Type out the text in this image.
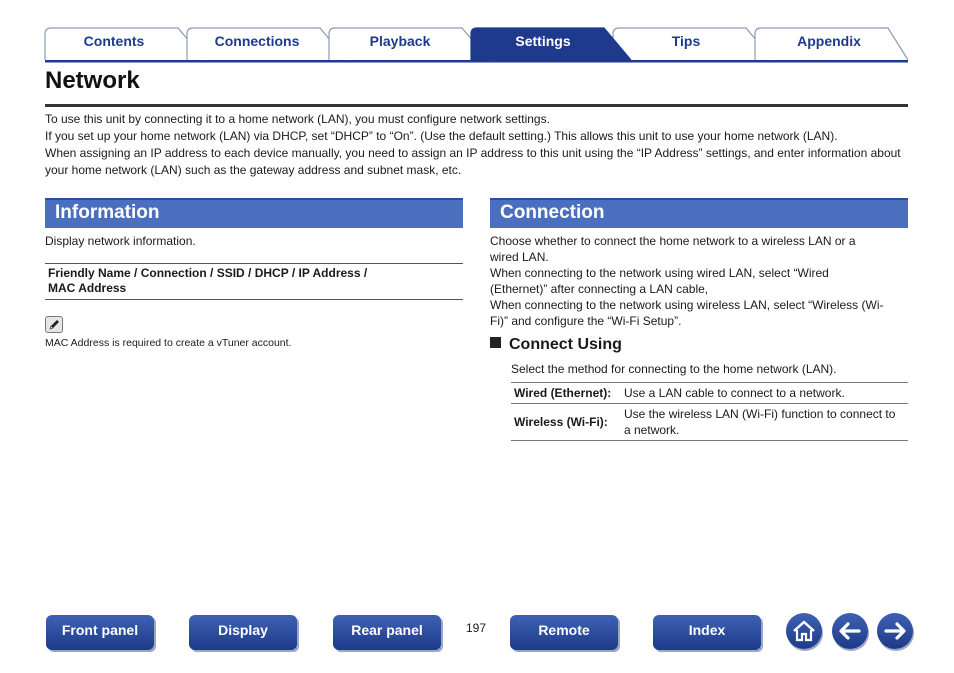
Contents	Connections	Playback	Settings	Tips	Appendix
Network

To use this unit by connecting it to a home network (LAN), you must configure network settings.

If you set up your home network (LAN) via DHCP, set “DHCP” to “On”. (Use the default setting.) This allows this unit to use your home network (LAN).

When assigning an IP address to each device manually, you need to assign an IP address to this unit using the “IP Address” settings, and enter information about your home network (LAN) such as the gateway address and subnet mask, etc.

Information
Display network information.
Friendly Name / Connection / SSID / DHCP / IP Address /
MAC Address
MAC Address is required to create a vTuner account.
Connection
Choose whether to connect the home network to a wireless LAN or a
wired LAN.
When connecting to the network using wired LAN, select “Wired
(Ethernet)” after connecting a LAN cable,
When connecting to the network using wireless LAN, select “Wireless (Wi-
Fi)” and configure the “Wi-Fi Setup”.
Connect Using
Select the method for connecting to the home network (LAN).
Wired (Ethernet):	Use a LAN cable to connect to a network.
Wireless (Wi-Fi):	Use the wireless LAN (Wi-Fi) function to connect to a network.
Front panel	Display	Rear panel	197	Remote	Index
